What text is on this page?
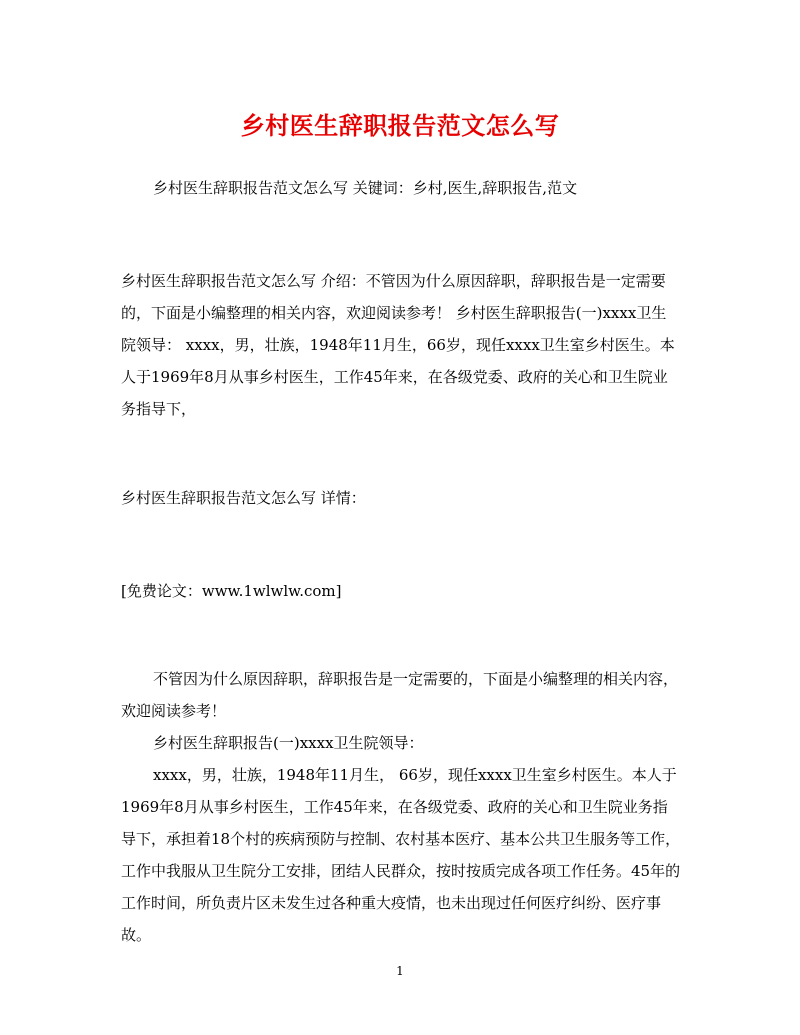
乡村医生辞职报告范文怎么写

乡村医生辞职报告范文怎么写 关键词：乡村,医生,辞职报告,范文

乡村医生辞职报告范文怎么写 介绍：不管因为什么原因辞职，辞职报告是一定需要的，下面是小编整理的相关内容，欢迎阅读参考！ 乡村医生辞职报告(一)xxxx卫生院领导： xxxx，男，壮族，1948年11月生，66岁，现任xxxx卫生室乡村医生。本人于1969年8月从事乡村医生，工作45年来，在各级党委、政府的关心和卫生院业务指导下，

乡村医生辞职报告范文怎么写 详情：

[免费论文：www.1wlwlw.com]

不管因为什么原因辞职，辞职报告是一定需要的，下面是小编整理的相关内容，欢迎阅读参考！

乡村医生辞职报告(一)xxxx卫生院领导：

xxxx，男，壮族，1948年11月生， 66岁，现任xxxx卫生室乡村医生。本人于1969年8月从事乡村医生，工作45年来，在各级党委、政府的关心和卫生院业务指导下，承担着18个村的疾病预防与控制、农村基本医疗、基本公共卫生服务等工作，工作中我服从卫生院分工安排，团结人民群众，按时按质完成各项工作任务。45年的工作时间，所负责片区未发生过各种重大疫情，也未出现过任何医疗纠纷、医疗事故。

1
